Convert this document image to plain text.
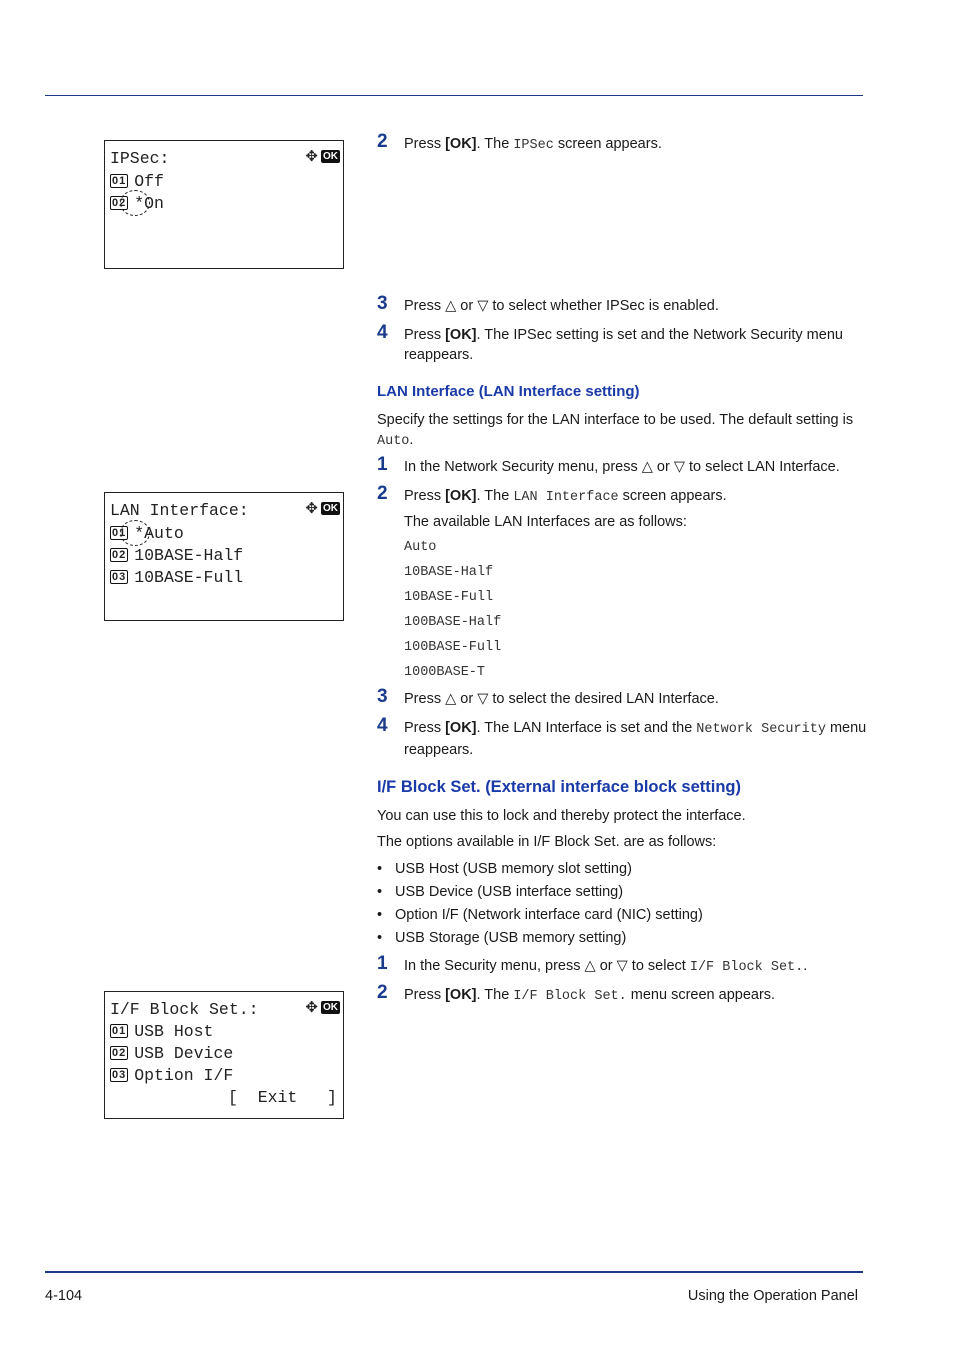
IPSec:	✥ OK
01 Off
02 *On
2 Press [OK]. The IPSec screen appears.
3 Press △ or ▽ to select whether IPSec is enabled.
4 Press [OK]. The IPSec setting is set and the Network Security menu reappears.
LAN Interface (LAN Interface setting)
Specify the settings for the LAN interface to be used. The default setting is Auto.
1 In the Network Security menu, press △ or ▽ to select LAN Interface.
LAN Interface:	✥ OK
01 *Auto
02 10BASE-Half
03 10BASE-Full
2 Press [OK]. The LAN Interface screen appears.
The available LAN Interfaces are as follows:
Auto
10BASE-Half
10BASE-Full
100BASE-Half
100BASE-Full
1000BASE-T
3 Press △ or ▽ to select the desired LAN Interface.
4 Press [OK]. The LAN Interface is set and the Network Security menu reappears.
I/F Block Set. (External interface block setting)
You can use this to lock and thereby protect the interface.
The options available in I/F Block Set. are as follows:
• USB Host (USB memory slot setting)
• USB Device (USB interface setting)
• Option I/F (Network interface card (NIC) setting)
• USB Storage (USB memory setting)
1 In the Security menu, press △ or ▽ to select I/F Block Set..
2 Press [OK]. The I/F Block Set. menu screen appears.
I/F Block Set.:	✥ OK
01 USB Host
02 USB Device
03 Option I/F
[  Exit   ]
4-104	Using the Operation Panel
